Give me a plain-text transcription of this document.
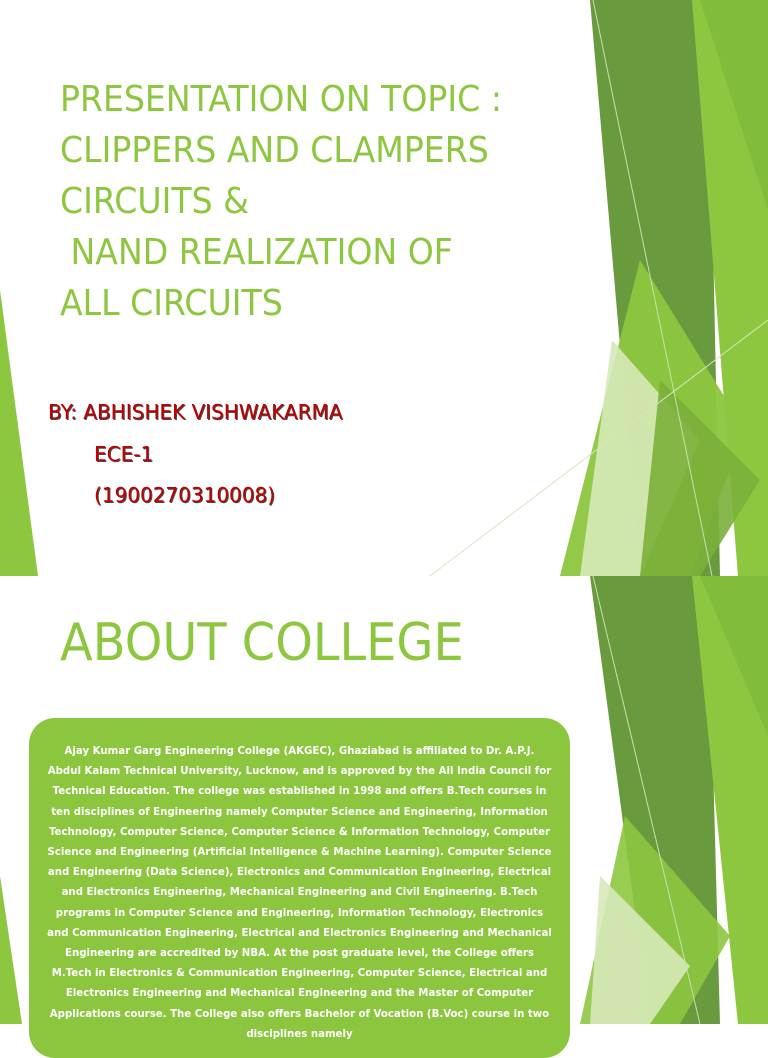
PRESENTATION ON TOPIC :
CLIPPERS AND CLAMPERS
CIRCUITS &
NAND REALIZATION OF
ALL CIRCUITS
BY: ABHISHEK VISHWAKARMA
ECE-1
(1900270310008)
ABOUT COLLEGE
Ajay Kumar Garg Engineering College (AKGEC), Ghaziabad is affiliated to Dr. A.P.J. Abdul Kalam Technical University, Lucknow, and is approved by the All India Council for Technical Education. The college was established in 1998 and offers B.Tech courses in ten disciplines of Engineering namely Computer Science and Engineering, Information Technology, Computer Science, Computer Science & Information Technology, Computer Science and Engineering (Artificial Intelligence & Machine Learning). Computer Science and Engineering (Data Science), Electronics and Communication Engineering, Electrical and Electronics Engineering, Mechanical Engineering and Civil Engineering. B.Tech programs in Computer Science and Engineering, Information Technology, Electronics and Communication Engineering, Electrical and Electronics Engineering and Mechanical Engineering are accredited by NBA. At the post graduate level, the College offers M.Tech in Electronics & Communication Engineering, Computer Science, Electrical and Electronics Engineering and Mechanical Engineering and the Master of Computer Applications course. The College also offers Bachelor of Vocation (B.Voc) course in two disciplines namely
